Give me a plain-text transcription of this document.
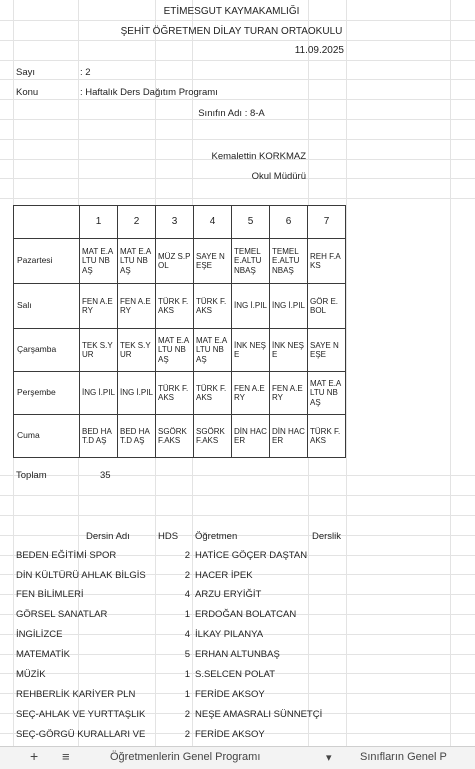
ETİMESGUT KAYMAKAMLIĞI
ŞEHİT ÖĞRETMEN DİLAY TURAN ORTAOKULU
11.09.2025
Sayı	: 2
Konu	: Haftalık Ders Dağıtım Programı
Sınıfın Adı : 8-A
Kemalettin KORKMAZ
Okul Müdürü
	1	2	3	4	5	6	7
Pazartesi	MAT E.ALTU NBAŞ	MAT E.ALTU NBAŞ	MÜZ S.POL	SAYE NEŞE	TEMEL E.ALTU NBAŞ	TEMEL E.ALTU NBAŞ	REH F.AKS
Salı	FEN A.ERY	FEN A.ERY	TÜRK F.AKS	TÜRK F.AKS	İNG İ.PIL	İNG İ.PIL	GÖR E.BOL
Çarşamba	TEK S.YUR	TEK S.YUR	MAT E.ALTU NBAŞ	MAT E.ALTU NBAŞ	İNK NEŞE	İNK NEŞE	SAYE NEŞE
Perşembe	İNG İ.PIL	İNG İ.PIL	TÜRK F.AKS	TÜRK F.AKS	FEN A.ERY	FEN A.ERY	MAT E.ALTU NBAŞ
Cuma	BED HAT.D AŞ	BED HAT.D AŞ	SGÖRK F.AKS	SGÖRK F.AKS	DİN HACER	DİN HACER	TÜRK F.AKS
Toplam	35
Dersin Adı	HDS Öğretmen	Derslik
BEDEN EĞİTİMİ SPOR	2 HATİCE GÖÇER DAŞTAN
DİN KÜLTÜRÜ AHLAK BİLGİS	2 HACER İPEK
FEN BİLİMLERİ	4 ARZU ERYİĞİT
GÖRSEL SANATLAR	1 ERDOĞAN BOLATCAN
İNGİLİZCE	4 İLKAY PILANYA
MATEMATİK	5 ERHAN ALTUNBAŞ
MÜZİK	1 S.SELCEN POLAT
REHBERLİK KARİYER PLN	1 FERİDE AKSOY
SEÇ-AHLAK VE YURTTAŞLIK	2 NEŞE AMASRALI SÜNNETÇİ
SEÇ-GÖRGÜ KURALLARI VE	2 FERİDE AKSOY
+ ≡	Öğretmenlerin Genel Programı	▾	Sınıfların Genel P
